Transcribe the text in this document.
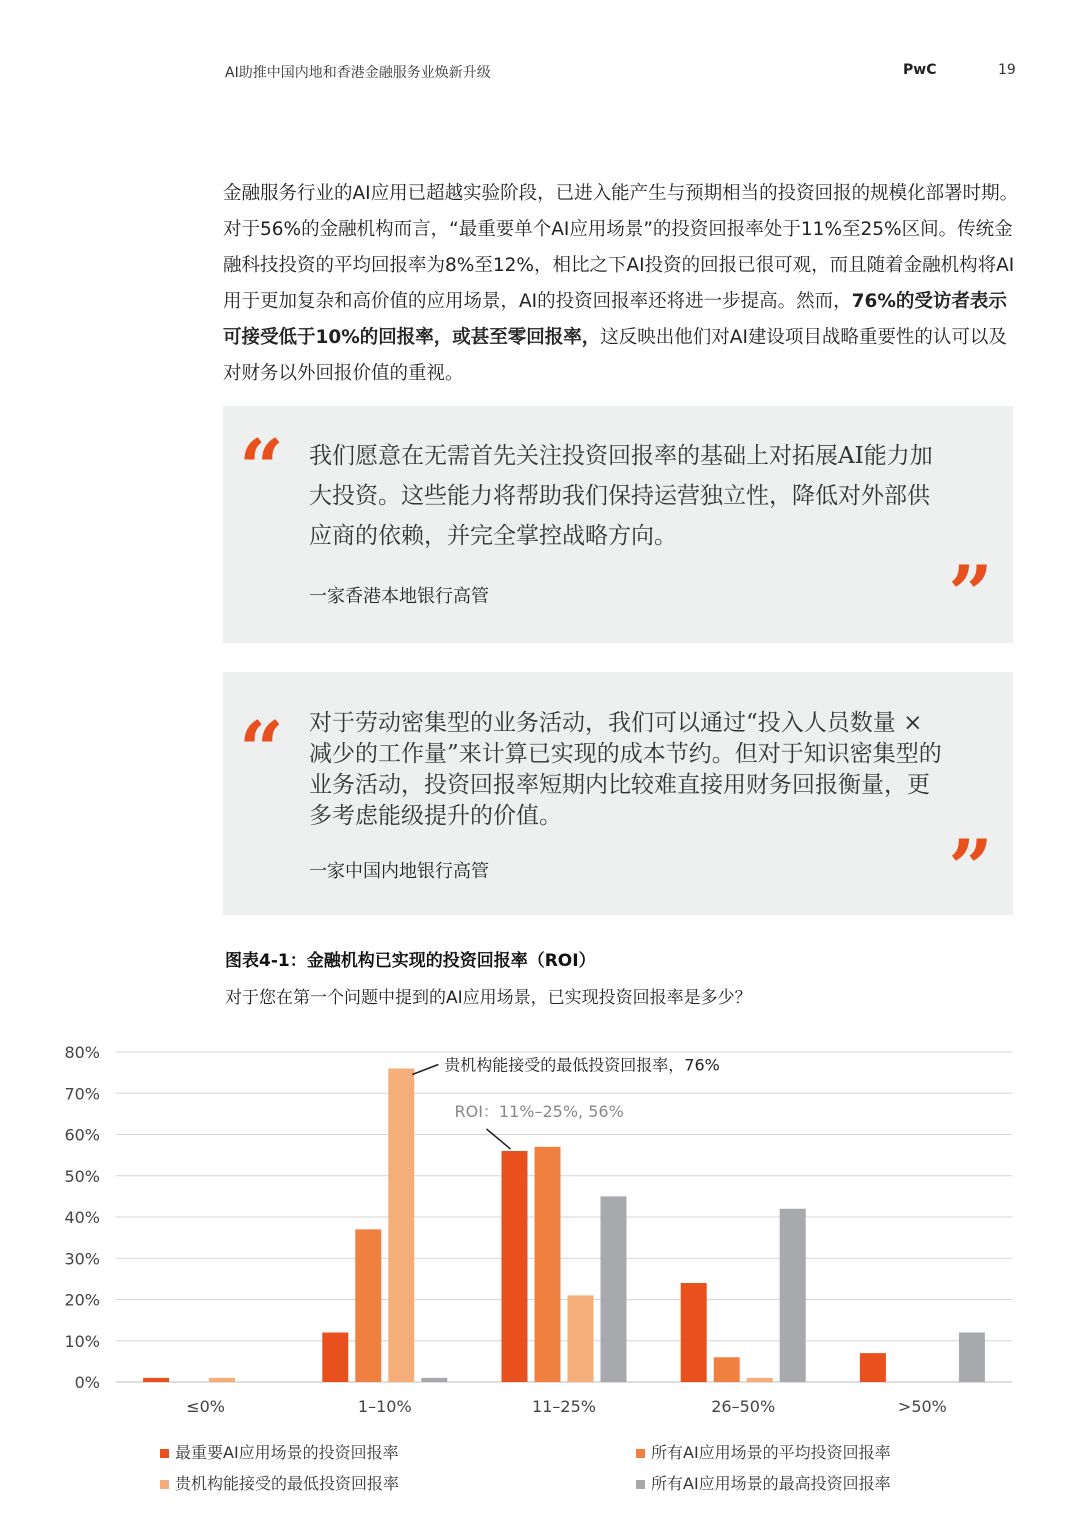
AI助推中国内地和香港金融服务业焕新升级	PwC	19

金融服务行业的AI应用已超越实验阶段，已进入能产生与预期相当的投资回报的规模化部署时期。对于56%的金融机构而言，“最重要单个AI应用场景”的投资回报率处于11%至25%区间。传统金融科技投资的平均回报率为8%至12%，相比之下AI投资的回报已很可观，而且随着金融机构将AI用于更加复杂和高价值的应用场景，AI的投资回报率还将进一步提高。然而，76%的受访者表示可接受低于10%的回报率，或甚至零回报率，这反映出他们对AI建设项目战略重要性的认可以及对财务以外回报价值的重视。

“ 我们愿意在无需首先关注投资回报率的基础上对拓展AI能力加大投资。这些能力将帮助我们保持运营独立性，降低对外部供应商的依赖，并完全掌控战略方向。
一家香港本地银行高管	”
“ 对于劳动密集型的业务活动，我们可以通过“投入人员数量 × 减少的工作量”来计算已实现的成本节约。但对于知识密集型的业务活动，投资回报率短期内比较难直接用财务回报衡量，更多考虑能级提升的价值。
一家中国内地银行高管	”
图表4-1：金融机构已实现的投资回报率（ROI）
对于您在第一个问题中提到的AI应用场景，已实现投资回报率是多少？
0%
10%
20%
30%
40%
50%
60%
70%
80%
≤0%	1–10%	11–25%	26–50%	>50%
贵机构能接受的最低投资回报率，76%
ROI：11%–25%, 56%
最重要AI应用场景的投资回报率	所有AI应用场景的平均投资回报率
贵机构能接受的最低投资回报率	所有AI应用场景的最高投资回报率
